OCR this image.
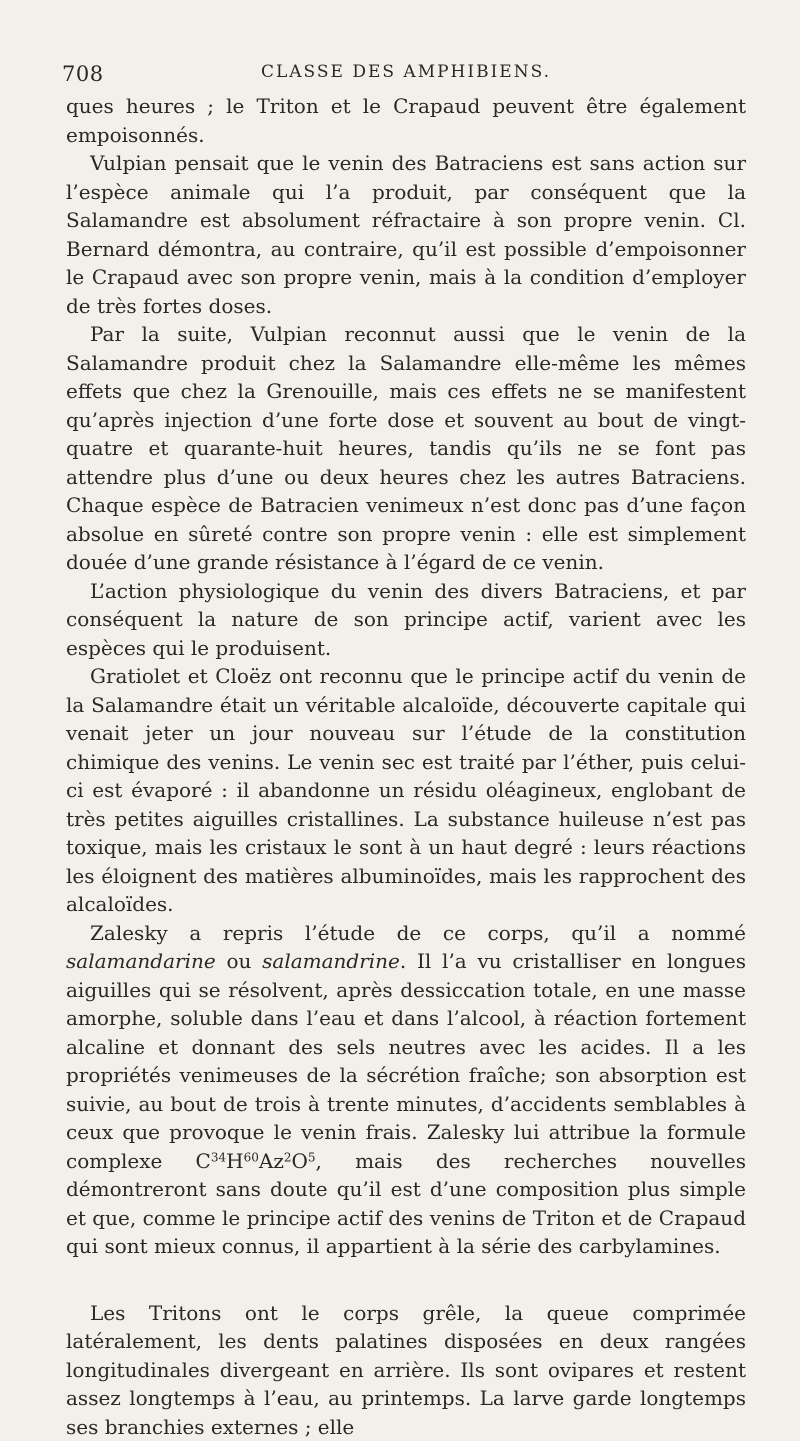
708	CLASSE DES AMPHIBIENS.

ques heures ; le Triton et le Crapaud peuvent être également empoisonnés.

Vulpian pensait que le venin des Batraciens est sans action sur l’espèce animale qui l’a produit, par conséquent que la Salamandre est absolument réfractaire à son propre venin. Cl. Bernard démontra, au contraire, qu’il est possible d’empoisonner le Crapaud avec son propre venin, mais à la condition d’employer de très fortes doses.

Par la suite, Vulpian reconnut aussi que le venin de la Salamandre produit chez la Salamandre elle-même les mêmes effets que chez la Grenouille, mais ces effets ne se manifestent qu’après injection d’une forte dose et souvent au bout de vingt-quatre et quarante-huit heures, tandis qu’ils ne se font pas attendre plus d’une ou deux heures chez les autres Batraciens. Chaque espèce de Batracien venimeux n’est donc pas d’une façon absolue en sûreté contre son propre venin : elle est simplement douée d’une grande résistance à l’égard de ce venin.

L’action physiologique du venin des divers Batraciens, et par conséquent la nature de son principe actif, varient avec les espèces qui le produisent.

Gratiolet et Cloëz ont reconnu que le principe actif du venin de la Salamandre était un véritable alcaloïde, découverte capitale qui venait jeter un jour nouveau sur l’étude de la constitution chimique des venins. Le venin sec est traité par l’éther, puis celui-ci est évaporé : il abandonne un résidu oléagineux, englobant de très petites aiguilles cristallines. La substance huileuse n’est pas toxique, mais les cristaux le sont à un haut degré : leurs réactions les éloignent des matières albuminoïdes, mais les rapprochent des alcaloïdes.

Zalesky a repris l’étude de ce corps, qu’il a nommé salamandarine ou salamandrine. Il l’a vu cristalliser en longues aiguilles qui se résolvent, après dessiccation totale, en une masse amorphe, soluble dans l’eau et dans l’alcool, à réaction fortement alcaline et donnant des sels neutres avec les acides. Il a les propriétés venimeuses de la sécrétion fraîche; son absorption est suivie, au bout de trois à trente minutes, d’accidents semblables à ceux que provoque le venin frais. Zalesky lui attribue la formule complexe $C^{34}H^{60}Az^2O^5$, mais des recherches nouvelles démontreront sans doute qu’il est d’une composition plus simple et que, comme le principe actif des venins de Triton et de Crapaud qui sont mieux connus, il appartient à la série des carbylamines.

Les Tritons ont le corps grêle, la queue comprimée latéralement, les dents palatines disposées en deux rangées longitudinales divergeant en arrière. Ils sont ovipares et restent assez longtemps à l’eau, au printemps. La larve garde longtemps ses branchies externes ; elle
